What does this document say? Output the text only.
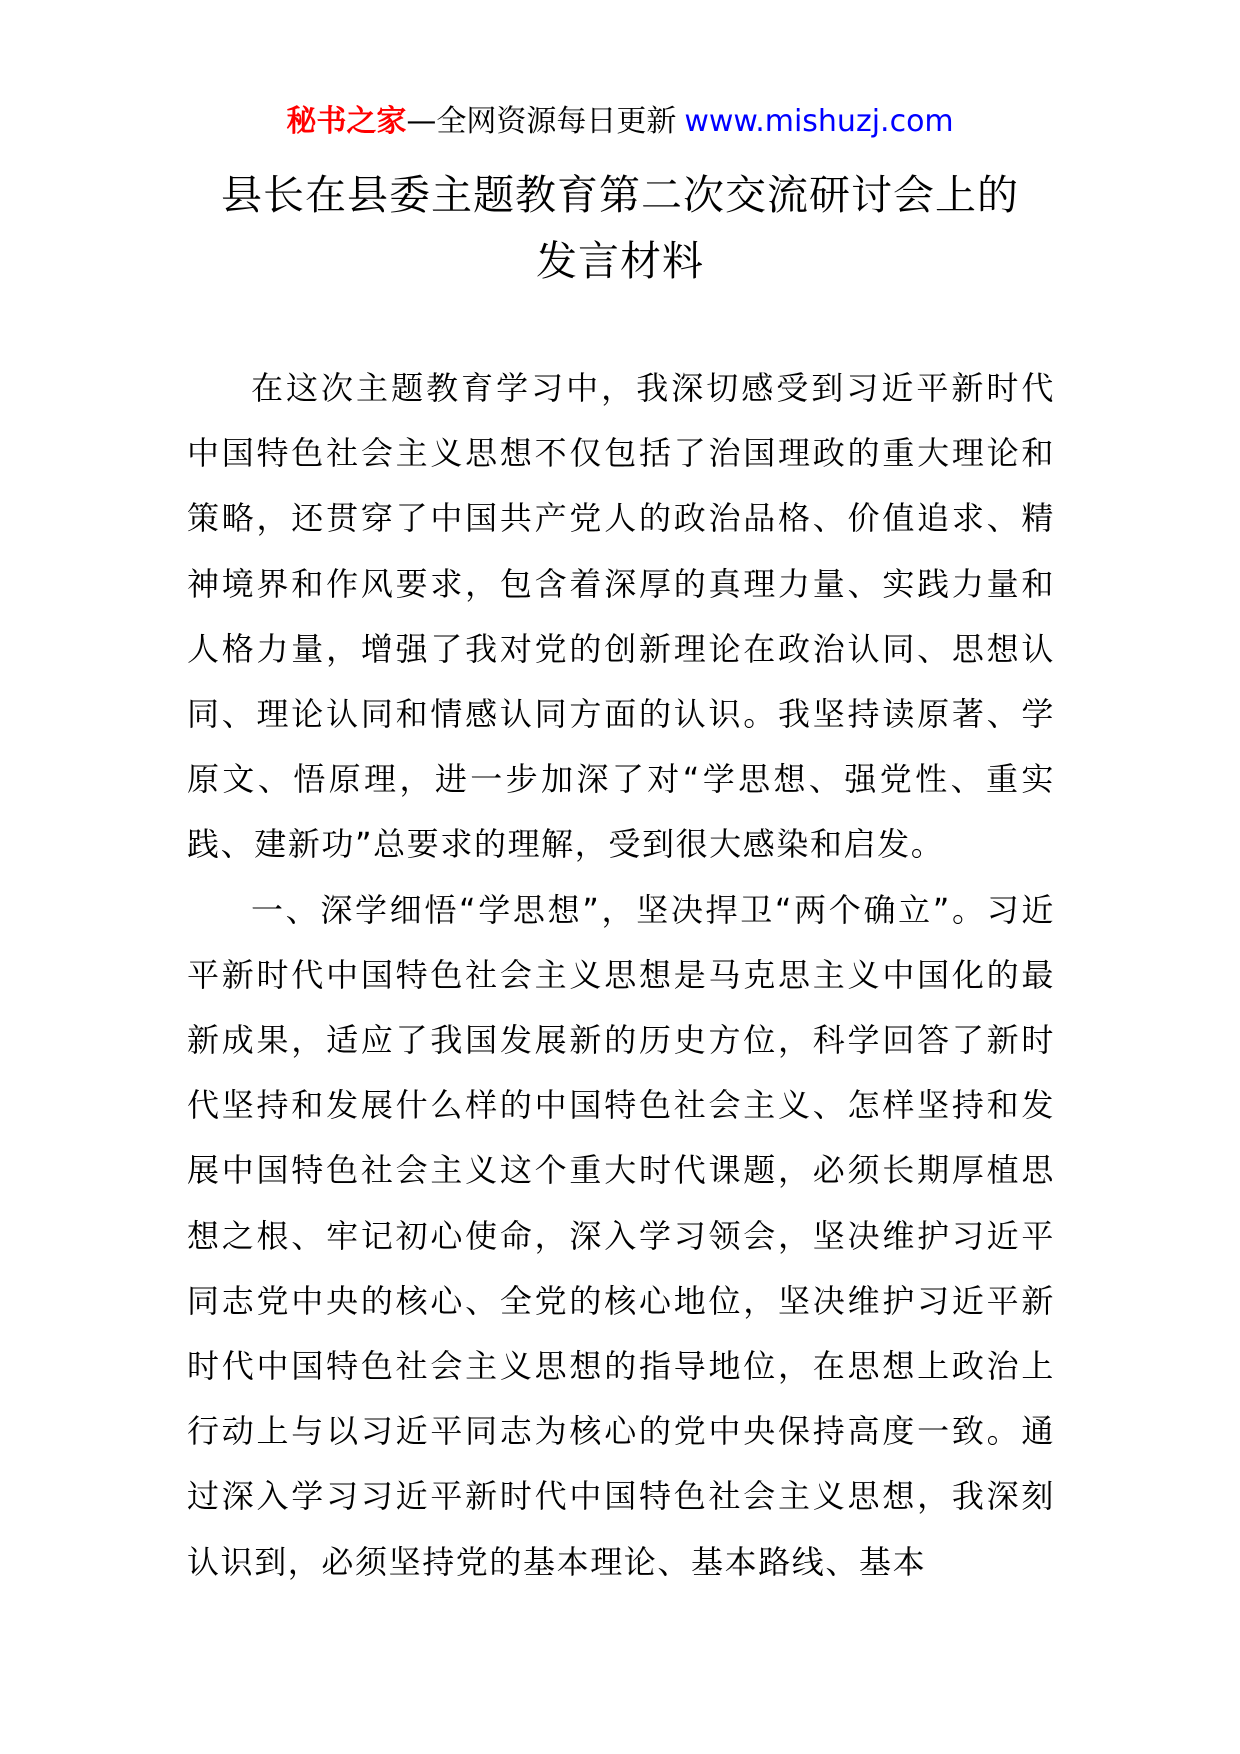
秘书之家—全网资源每日更新 www.mishuzj.com
县长在县委主题教育第二次交流研讨会上的
发言材料

在这次主题教育学习中，我深切感受到习近平新时代中国特色社会主义思想不仅包括了治国理政的重大理论和策略，还贯穿了中国共产党人的政治品格、价值追求、精神境界和作风要求，包含着深厚的真理力量、实践力量和人格力量，增强了我对党的创新理论在政治认同、思想认同、理论认同和情感认同方面的认识。我坚持读原著、学原文、悟原理，进一步加深了对“学思想、强党性、重实践、建新功”总要求的理解，受到很大感染和启发。

一、深学细悟“学思想”，坚决捍卫“两个确立”。习近平新时代中国特色社会主义思想是马克思主义中国化的最新成果，适应了我国发展新的历史方位，科学回答了新时代坚持和发展什么样的中国特色社会主义、怎样坚持和发展中国特色社会主义这个重大时代课题，必须长期厚植思想之根、牢记初心使命，深入学习领会，坚决维护习近平同志党中央的核心、全党的核心地位，坚决维护习近平新时代中国特色社会主义思想的指导地位，在思想上政治上行动上与以习近平同志为核心的党中央保持高度一致。通过深入学习习近平新时代中国特色社会主义思想，我深刻认识到，必须坚持党的基本理论、基本路线、基本
